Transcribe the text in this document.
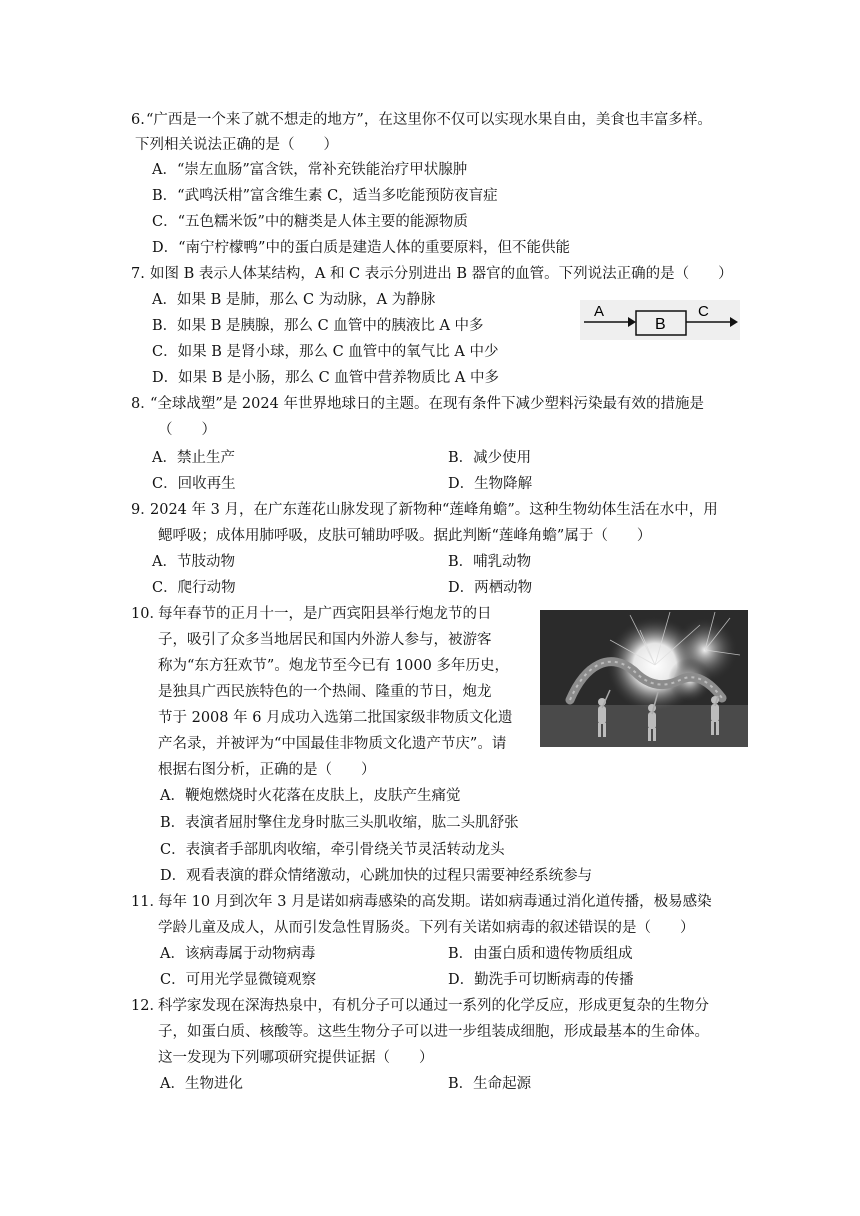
6. “广西是一个来了就不想走的地方”，在这里你不仅可以实现水果自由，美食也丰富多样。
下列相关说法正确的是（　　）
A．“崇左血肠”富含铁，常补充铁能治疗甲状腺肿
B．“武鸣沃柑”富含维生素 C，适当多吃能预防夜盲症
C．“五色糯米饭”中的糖类是人体主要的能源物质
D．“南宁柠檬鸭”中的蛋白质是建造人体的重要原料，但不能供能
7. 如图 B 表示人体某结构，A 和 C 表示分别进出 B 器官的血管。下列说法正确的是（　　）
A．如果 B 是肺，那么 C 为动脉，A 为静脉
B．如果 B 是胰腺，那么 C 血管中的胰液比 A 中多
C．如果 B 是肾小球，那么 C 血管中的氧气比 A 中少
D．如果 B 是小肠，那么 C 血管中营养物质比 A 中多
A
B
C
8．
“全球战塑”是 2024 年世界地球日的主题。在现有条件下减少塑料污染最有效的措施是
（　　）
A．禁止生产	B．减少使用
C．回收再生	D．生物降解
9．
2024 年 3 月，在广东莲花山脉发现了新物种“莲峰角蟾”。这种生物幼体生活在水中，用
鳃呼吸；成体用肺呼吸，皮肤可辅助呼吸。据此判断“莲峰角蟾”属于（　　）
A．节肢动物	B．哺乳动物
C．爬行动物	D．两栖动物
10．
每年春节的正月十一，是广西宾阳县举行炮龙节的日
子，吸引了众多当地居民和国内外游人参与，被游客
称为“东方狂欢节”。炮龙节至今已有 1000 多年历史，
是独具广西民族特色的一个热闹、隆重的节日，炮龙
节于 2008 年 6 月成功入选第二批国家级非物质文化遗
产名录，并被评为“中国最佳非物质文化遗产节庆”。请
根据右图分析，正确的是（　　）
A．鞭炮燃烧时火花落在皮肤上，皮肤产生痛觉
B．表演者屈肘擎住龙身时肱三头肌收缩，肱二头肌舒张
C．表演者手部肌肉收缩，牵引骨绕关节灵活转动龙头
D．观看表演的群众情绪激动，心跳加快的过程只需要神经系统参与
11．
每年 10 月到次年 3 月是诺如病毒感染的高发期。诺如病毒通过消化道传播，极易感染
学龄儿童及成人，从而引发急性胃肠炎。下列有关诺如病毒的叙述错误的是（　　）
A．该病毒属于动物病毒	B．由蛋白质和遗传物质组成
C．可用光学显微镜观察	D．勤洗手可切断病毒的传播
12．
科学家发现在深海热泉中，有机分子可以通过一系列的化学反应，形成更复杂的生物分
子，如蛋白质、核酸等。这些生物分子可以进一步组装成细胞，形成最基本的生命体。
这一发现为下列哪项研究提供证据（　　）
A．生物进化	B．生命起源
